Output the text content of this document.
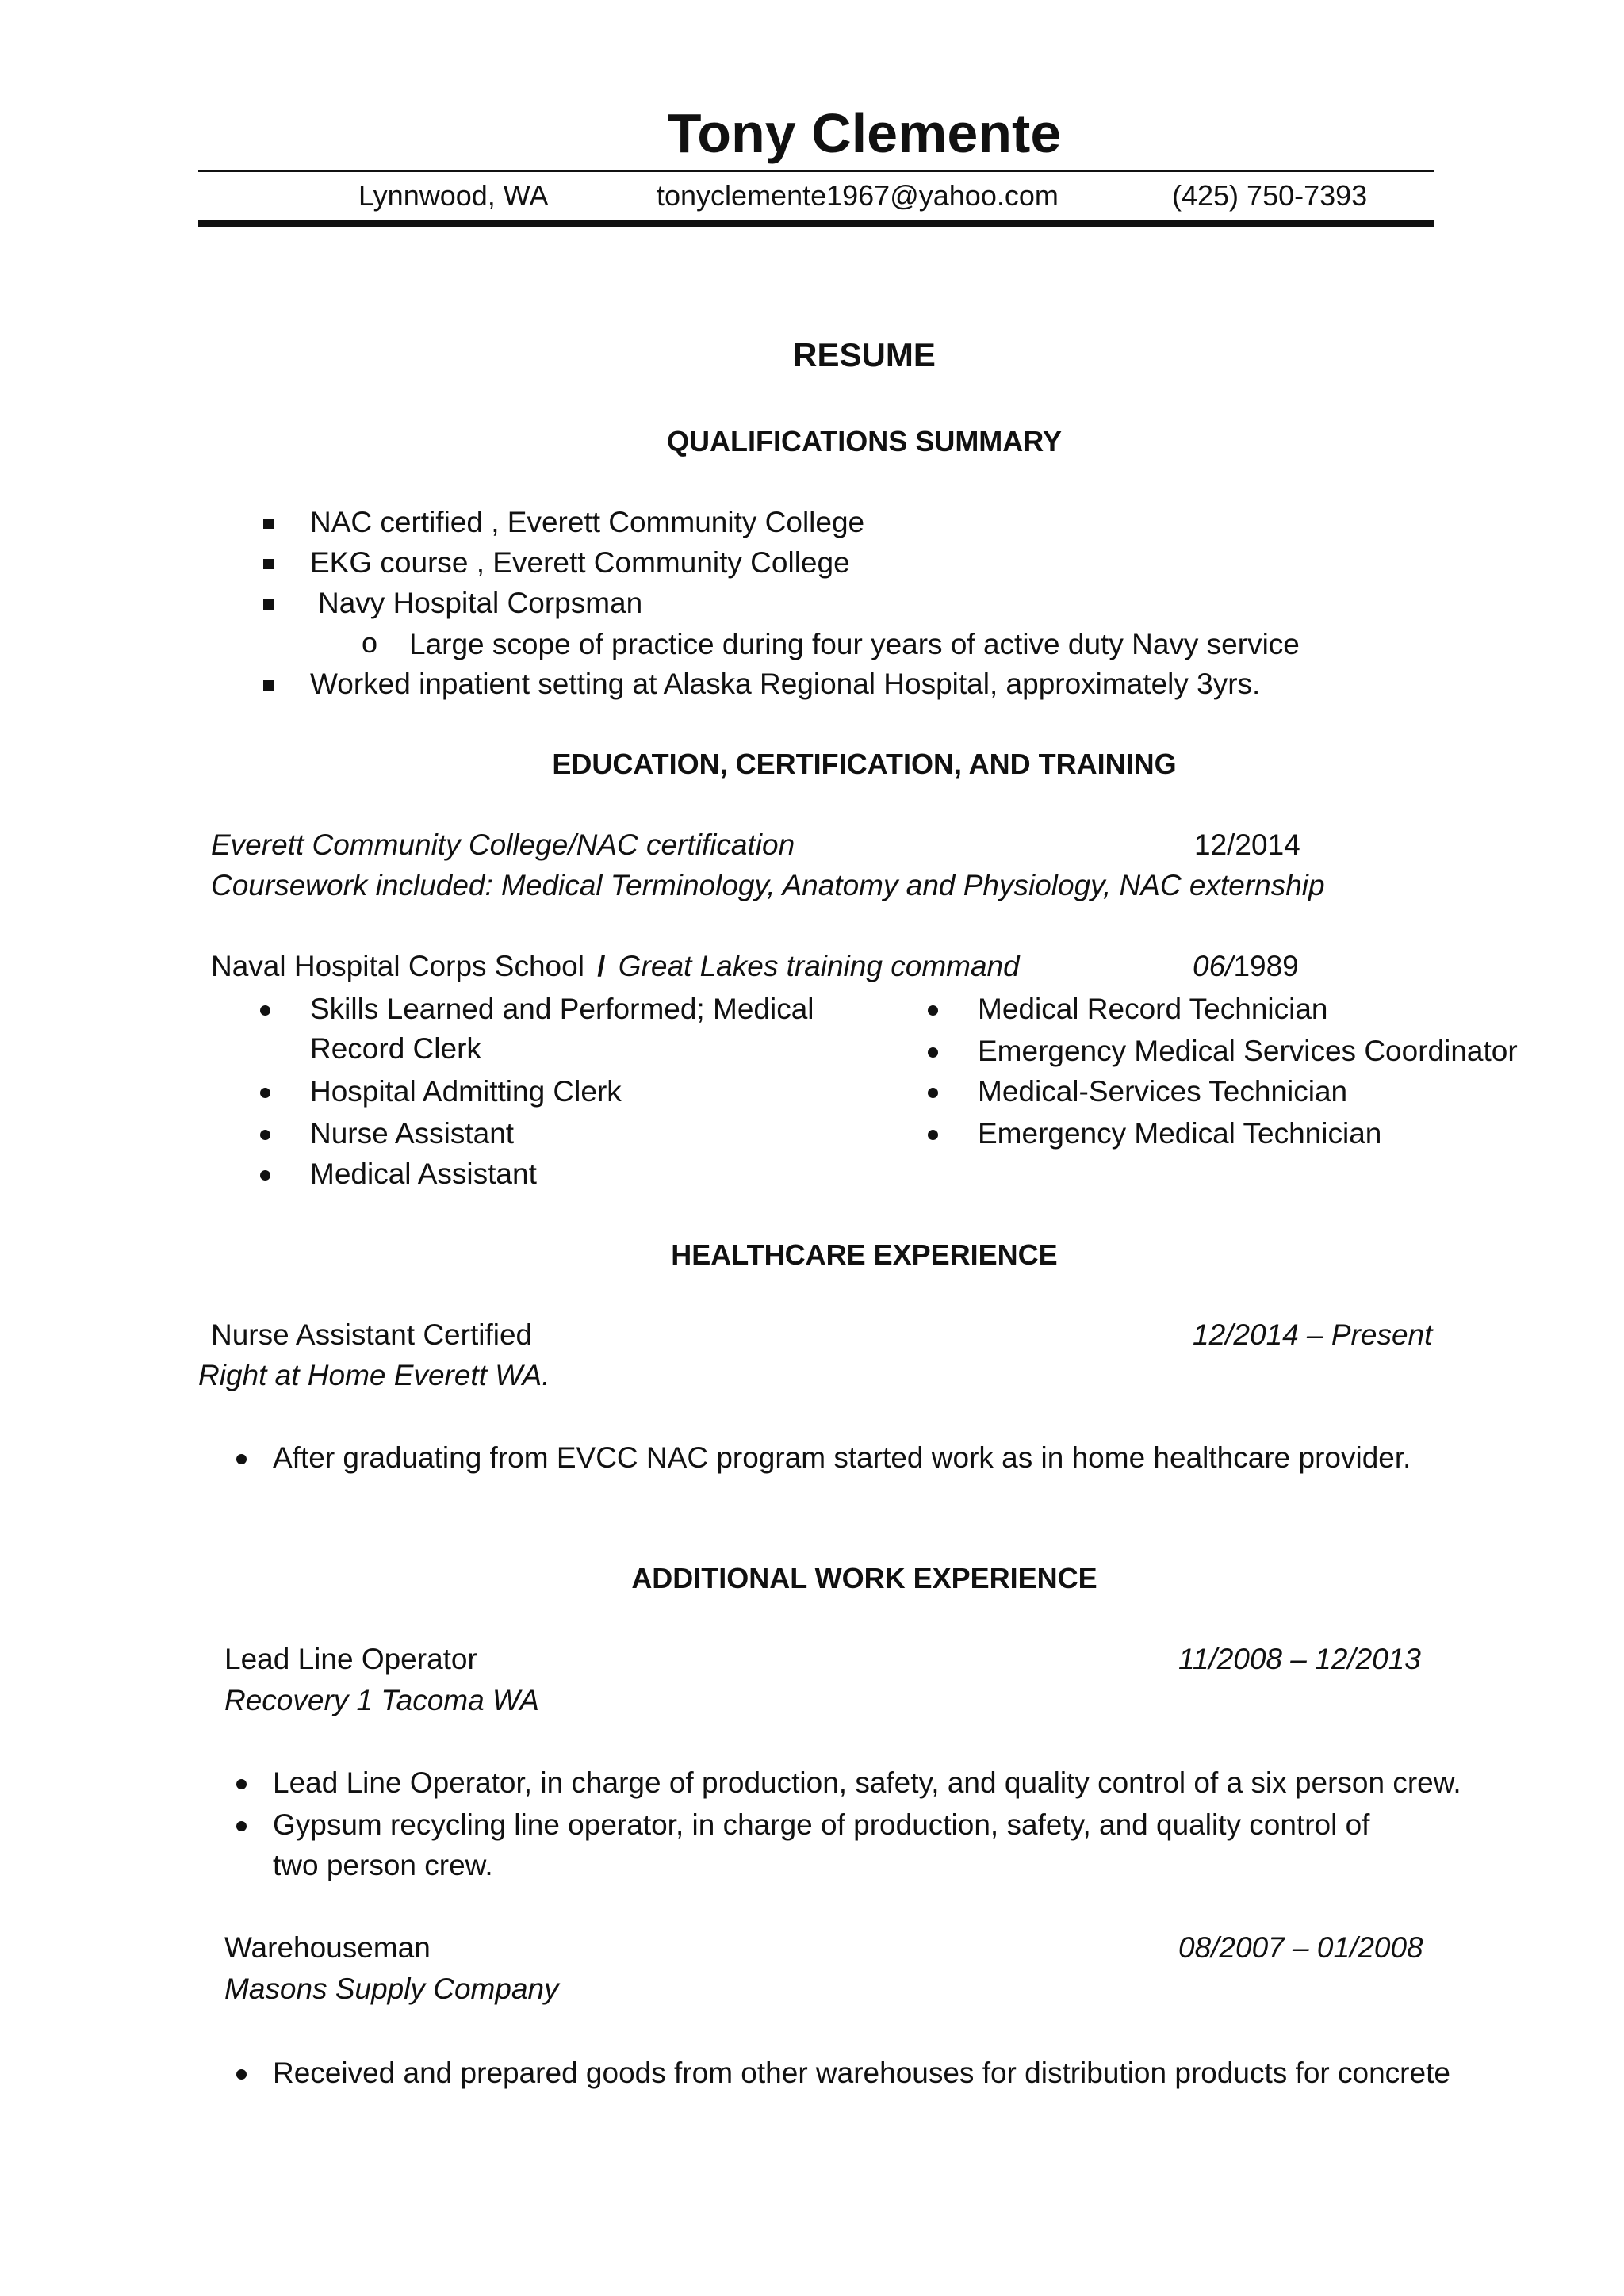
Tony Clemente
Lynnwood, WA	tonyclemente1967@yahoo.com	(425) 750-7393
RESUME
QUALIFICATIONS SUMMARY
NAC certified , Everett Community College
EKG course , Everett Community College
Navy Hospital Corpsman
o Large scope of practice during four years of active duty Navy service
Worked inpatient setting at Alaska Regional Hospital, approximately 3yrs.
EDUCATION, CERTIFICATION, AND TRAINING
Everett Community College/NAC certification	12/2014
Coursework included: Medical Terminology, Anatomy and Physiology, NAC externship
Naval Hospital Corps School / Great Lakes training command	06/1989
Skills Learned and Performed; Medical
Record Clerk
Hospital Admitting Clerk
Nurse Assistant
Medical Assistant
Medical Record Technician
Emergency Medical Services Coordinator
Medical-Services Technician
Emergency Medical Technician
HEALTHCARE EXPERIENCE
Nurse Assistant Certified	12/2014 – Present
Right at Home Everett WA.
After graduating from EVCC NAC program started work as in home healthcare provider.
ADDITIONAL WORK EXPERIENCE
Lead Line Operator	11/2008 – 12/2013
Recovery 1 Tacoma WA
Lead Line Operator, in charge of production, safety, and quality control of a six person crew.
Gypsum recycling line operator, in charge of production, safety, and quality control of
two person crew.
Warehouseman	08/2007 – 01/2008
Masons Supply Company
Received and prepared goods from other warehouses for distribution products for concrete
